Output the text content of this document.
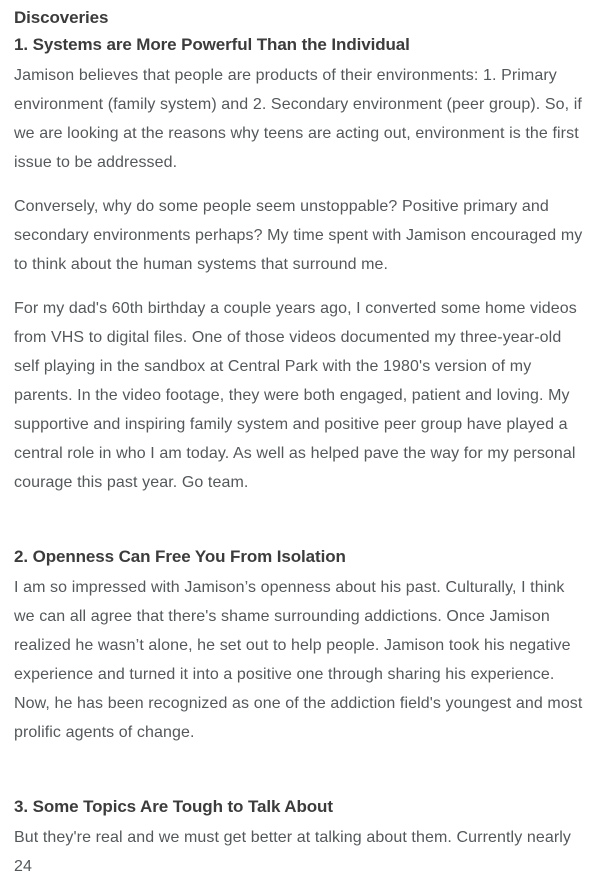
Discoveries
1. Systems are More Powerful Than the Individual

Jamison believes that people are products of their environments: 1. Primary environment (family system) and 2. Secondary environment (peer group). So, if we are looking at the reasons why teens are acting out, environment is the first issue to be addressed.

Conversely, why do some people seem unstoppable? Positive primary and secondary environments perhaps? My time spent with Jamison encouraged my to think about the human systems that surround me.

For my dad's 60th birthday a couple years ago, I converted some home videos from VHS to digital files. One of those videos documented my three-year-old self playing in the sandbox at Central Park with the 1980's version of my parents. In the video footage, they were both engaged, patient and loving. My supportive and inspiring family system and positive peer group have played a central role in who I am today. As well as helped pave the way for my personal courage this past year. Go team.

2. Openness Can Free You From Isolation

I am so impressed with Jamison’s openness about his past. Culturally, I think we can all agree that there's shame surrounding addictions. Once Jamison realized he wasn’t alone, he set out to help people. Jamison took his negative experience and turned it into a positive one through sharing his experience. Now, he has been recognized as one of the addiction field's youngest and most prolific agents of change.

3. Some Topics Are Tough to Talk About

But they're real and we must get better at talking about them. Currently nearly 24
